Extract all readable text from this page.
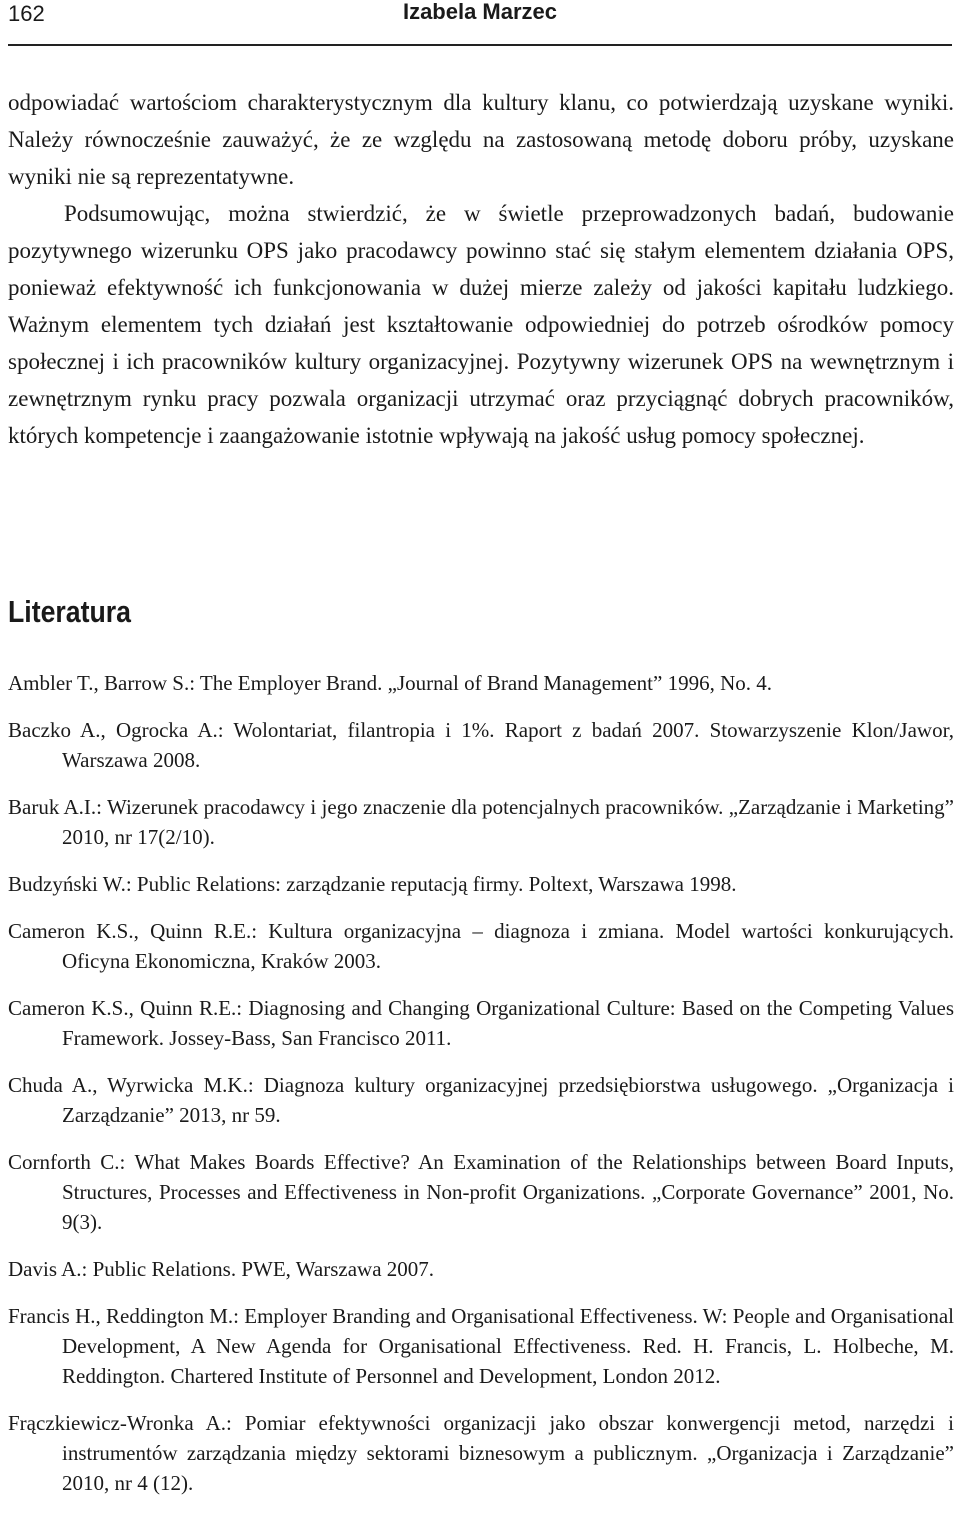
162	Izabela Marzec

odpowiadać wartościom charakterystycznym dla kultury klanu, co potwierdzają uzyskane wyniki. Należy równocześnie zauważyć, że ze względu na zastosowaną metodę doboru próby, uzyskane wyniki nie są reprezentatywne.

Podsumowując, można stwierdzić, że w świetle przeprowadzonych badań, budowanie pozytywnego wizerunku OPS jako pracodawcy powinno stać się stałym elementem działania OPS, ponieważ efektywność ich funkcjonowania w dużej mierze zależy od jakości kapitału ludzkiego. Ważnym elementem tych działań jest kształtowanie odpowiedniej do potrzeb ośrodków pomocy społecznej i ich pracowników kultury organizacyjnej. Pozytywny wizerunek OPS na wewnętrznym i zewnętrznym rynku pracy pozwala organizacji utrzymać oraz przyciągnąć dobrych pracowników, których kompetencje i zaangażowanie istotnie wpływają na jakość usług pomocy społecznej.

Literatura
Ambler T., Barrow S.: The Employer Brand. „Journal of Brand Management” 1996, No. 4.
Baczko A., Ogrocka A.: Wolontariat, filantropia i 1%. Raport z badań 2007. Stowarzyszenie Klon/Jawor, Warszawa 2008.
Baruk A.I.: Wizerunek pracodawcy i jego znaczenie dla potencjalnych pracowników. „Zarządzanie i Marketing” 2010, nr 17(2/10).
Budzyński W.: Public Relations: zarządzanie reputacją firmy. Poltext, Warszawa 1998.
Cameron K.S., Quinn R.E.: Kultura organizacyjna – diagnoza i zmiana. Model wartości konkurujących. Oficyna Ekonomiczna, Kraków 2003.
Cameron K.S., Quinn R.E.: Diagnosing and Changing Organizational Culture: Based on the Competing Values Framework. Jossey-Bass, San Francisco 2011.
Chuda A., Wyrwicka M.K.: Diagnoza kultury organizacyjnej przedsiębiorstwa usługowego. „Organizacja i Zarządzanie” 2013, nr 59.
Cornforth C.: What Makes Boards Effective? An Examination of the Relationships between Board Inputs, Structures, Processes and Effectiveness in Non-profit Organizations. „Corporate Governance” 2001, No. 9(3).
Davis A.: Public Relations. PWE, Warszawa 2007.
Francis H., Reddington M.: Employer Branding and Organisational Effectiveness. W: People and Organisational Development, A New Agenda for Organisational Effectiveness. Red. H. Francis, L. Holbeche, M. Reddington. Chartered Institute of Personnel and Development, London 2012.
Frączkiewicz-Wronka A.: Pomiar efektywności organizacji jako obszar konwergencji metod, narzędzi i instrumentów zarządzania między sektorami biznesowym a publicznym. „Organizacja i Zarządzanie” 2010, nr 4 (12).
